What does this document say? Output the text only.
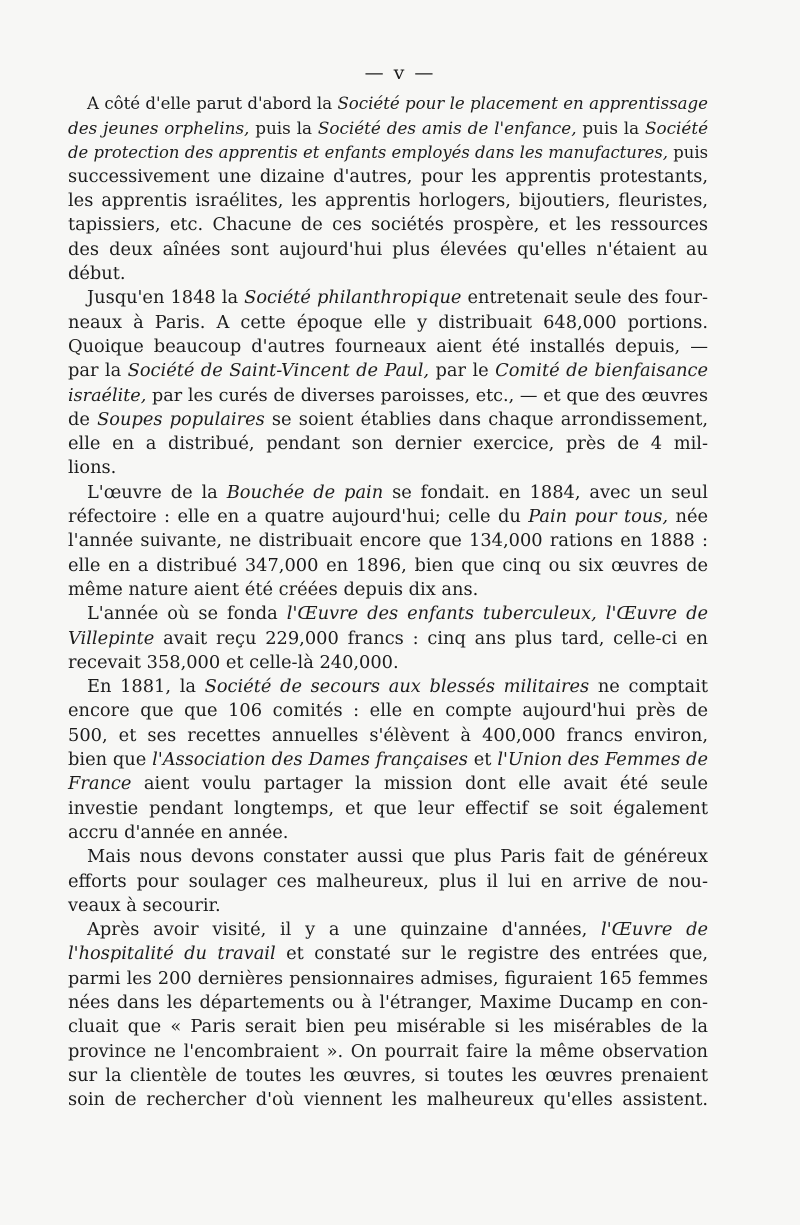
— v —

A côté d'elle parut d'abord la Société pour le placement en apprentissage
des jeunes orphelins, puis la Société des amis de l'enfance, puis la Société
de protection des apprentis et enfants employés dans les manufactures, puis
successivement une dizaine d'autres, pour les apprentis protestants,
les apprentis israélites, les apprentis horlogers, bijoutiers, fleuristes,
tapissiers, etc. Chacune de ces sociétés prospère, et les ressources
des deux aînées sont aujourd'hui plus élevées qu'elles n'étaient au
début.

Jusqu'en 1848 la Société philanthropique entretenait seule des four-
neaux à Paris. A cette époque elle y distribuait 648,000 portions.
Quoique beaucoup d'autres fourneaux aient été installés depuis, —
par la Société de Saint-Vincent de Paul, par le Comité de bienfaisance
israélite, par les curés de diverses paroisses, etc., — et que des œuvres
de Soupes populaires se soient établies dans chaque arrondissement,
elle en a distribué, pendant son dernier exercice, près de 4 mil-
lions.

L'œuvre de la Bouchée de pain se fondait. en 1884, avec un seul
réfectoire : elle en a quatre aujourd'hui; celle du Pain pour tous, née
l'année suivante, ne distribuait encore que 134,000 rations en 1888 :
elle en a distribué 347,000 en 1896, bien que cinq ou six œuvres de
même nature aient été créées depuis dix ans.

L'année où se fonda l'Œuvre des enfants tuberculeux, l'Œuvre de
Villepinte avait reçu 229,000 francs : cinq ans plus tard, celle-ci en
recevait 358,000 et celle-là 240,000.

En 1881, la Société de secours aux blessés militaires ne comptait
encore que que 106 comités : elle en compte aujourd'hui près de
500, et ses recettes annuelles s'élèvent à 400,000 francs environ,
bien que l'Association des Dames françaises et l'Union des Femmes de
France aient voulu partager la mission dont elle avait été seule
investie pendant longtemps, et que leur effectif se soit également
accru d'année en année.

Mais nous devons constater aussi que plus Paris fait de généreux
efforts pour soulager ces malheureux, plus il lui en arrive de nou-
veaux à secourir.

Après avoir visité, il y a une quinzaine d'années, l'Œuvre de
l'hospitalité du travail et constaté sur le registre des entrées que,
parmi les 200 dernières pensionnaires admises, figuraient 165 femmes
nées dans les départements ou à l'étranger, Maxime Ducamp en con-
cluait que « Paris serait bien peu misérable si les misérables de la
province ne l'encombraient ». On pourrait faire la même observation
sur la clientèle de toutes les œuvres, si toutes les œuvres prenaient
soin de rechercher d'où viennent les malheureux qu'elles assistent.
